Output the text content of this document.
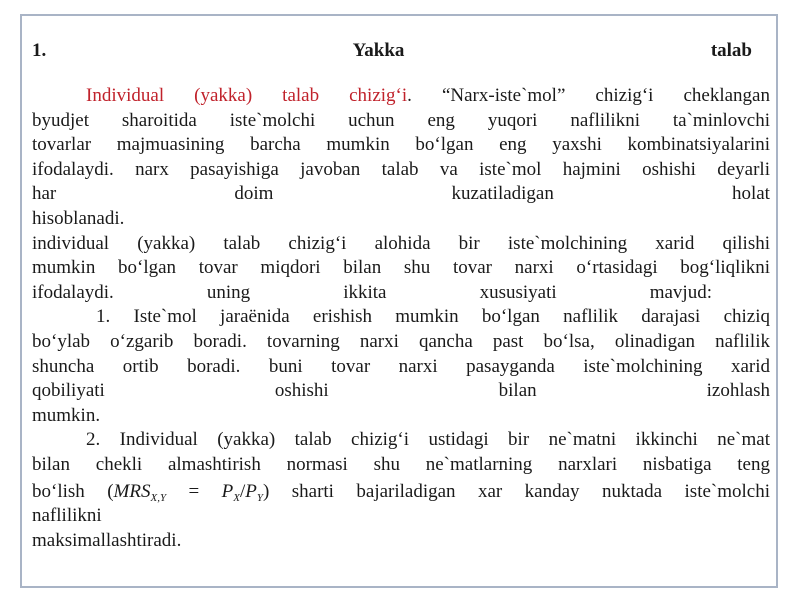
1.	Yakka	talab
Individual (yakka) talab chizig‘i. “Narx-iste`mol” chizig‘i cheklangan
byudjet sharoitida iste`molchi uchun eng yuqori naflilikni ta`minlovchi
tovarlar majmuasining barcha mumkin bo‘lgan eng yaxshi kombinatsiyalarini
ifodalaydi. narx pasayishiga javoban talab va iste`mol hajmini oshishi deyarli
har	doim	kuzatiladigan	holat
hisoblanadi.
individual (yakka) talab chizig‘i alohida bir iste`molchining xarid qilishi
mumkin bo‘lgan tovar miqdori bilan shu tovar narxi o‘rtasidagi bog‘liqlikni
ifodalaydi.	uning	ikkita	xususiyati	mavjud:
1. Iste`mol jaraënida erishish mumkin bo‘lgan naflilik darajasi chiziq
bo‘ylab o‘zgarib boradi. tovarning narxi qancha past bo‘lsa, olinadigan naflilik
shuncha ortib boradi. buni tovar narxi pasayganda iste`molchining xarid
qobiliyati	oshishi	bilan	izohlash
mumkin.
2. Individual (yakka) talab chizig‘i ustidagi bir ne`matni ikkinchi ne`mat
bilan chekli almashtirish normasi shu ne`matlarning narxlari nisbatiga teng
bo‘lish $(MRS_{X,Y} = P_X/P_Y)$ sharti bajariladigan xar kanday nuktada iste`molchi
naflilikni
maksimallashtiradi.
